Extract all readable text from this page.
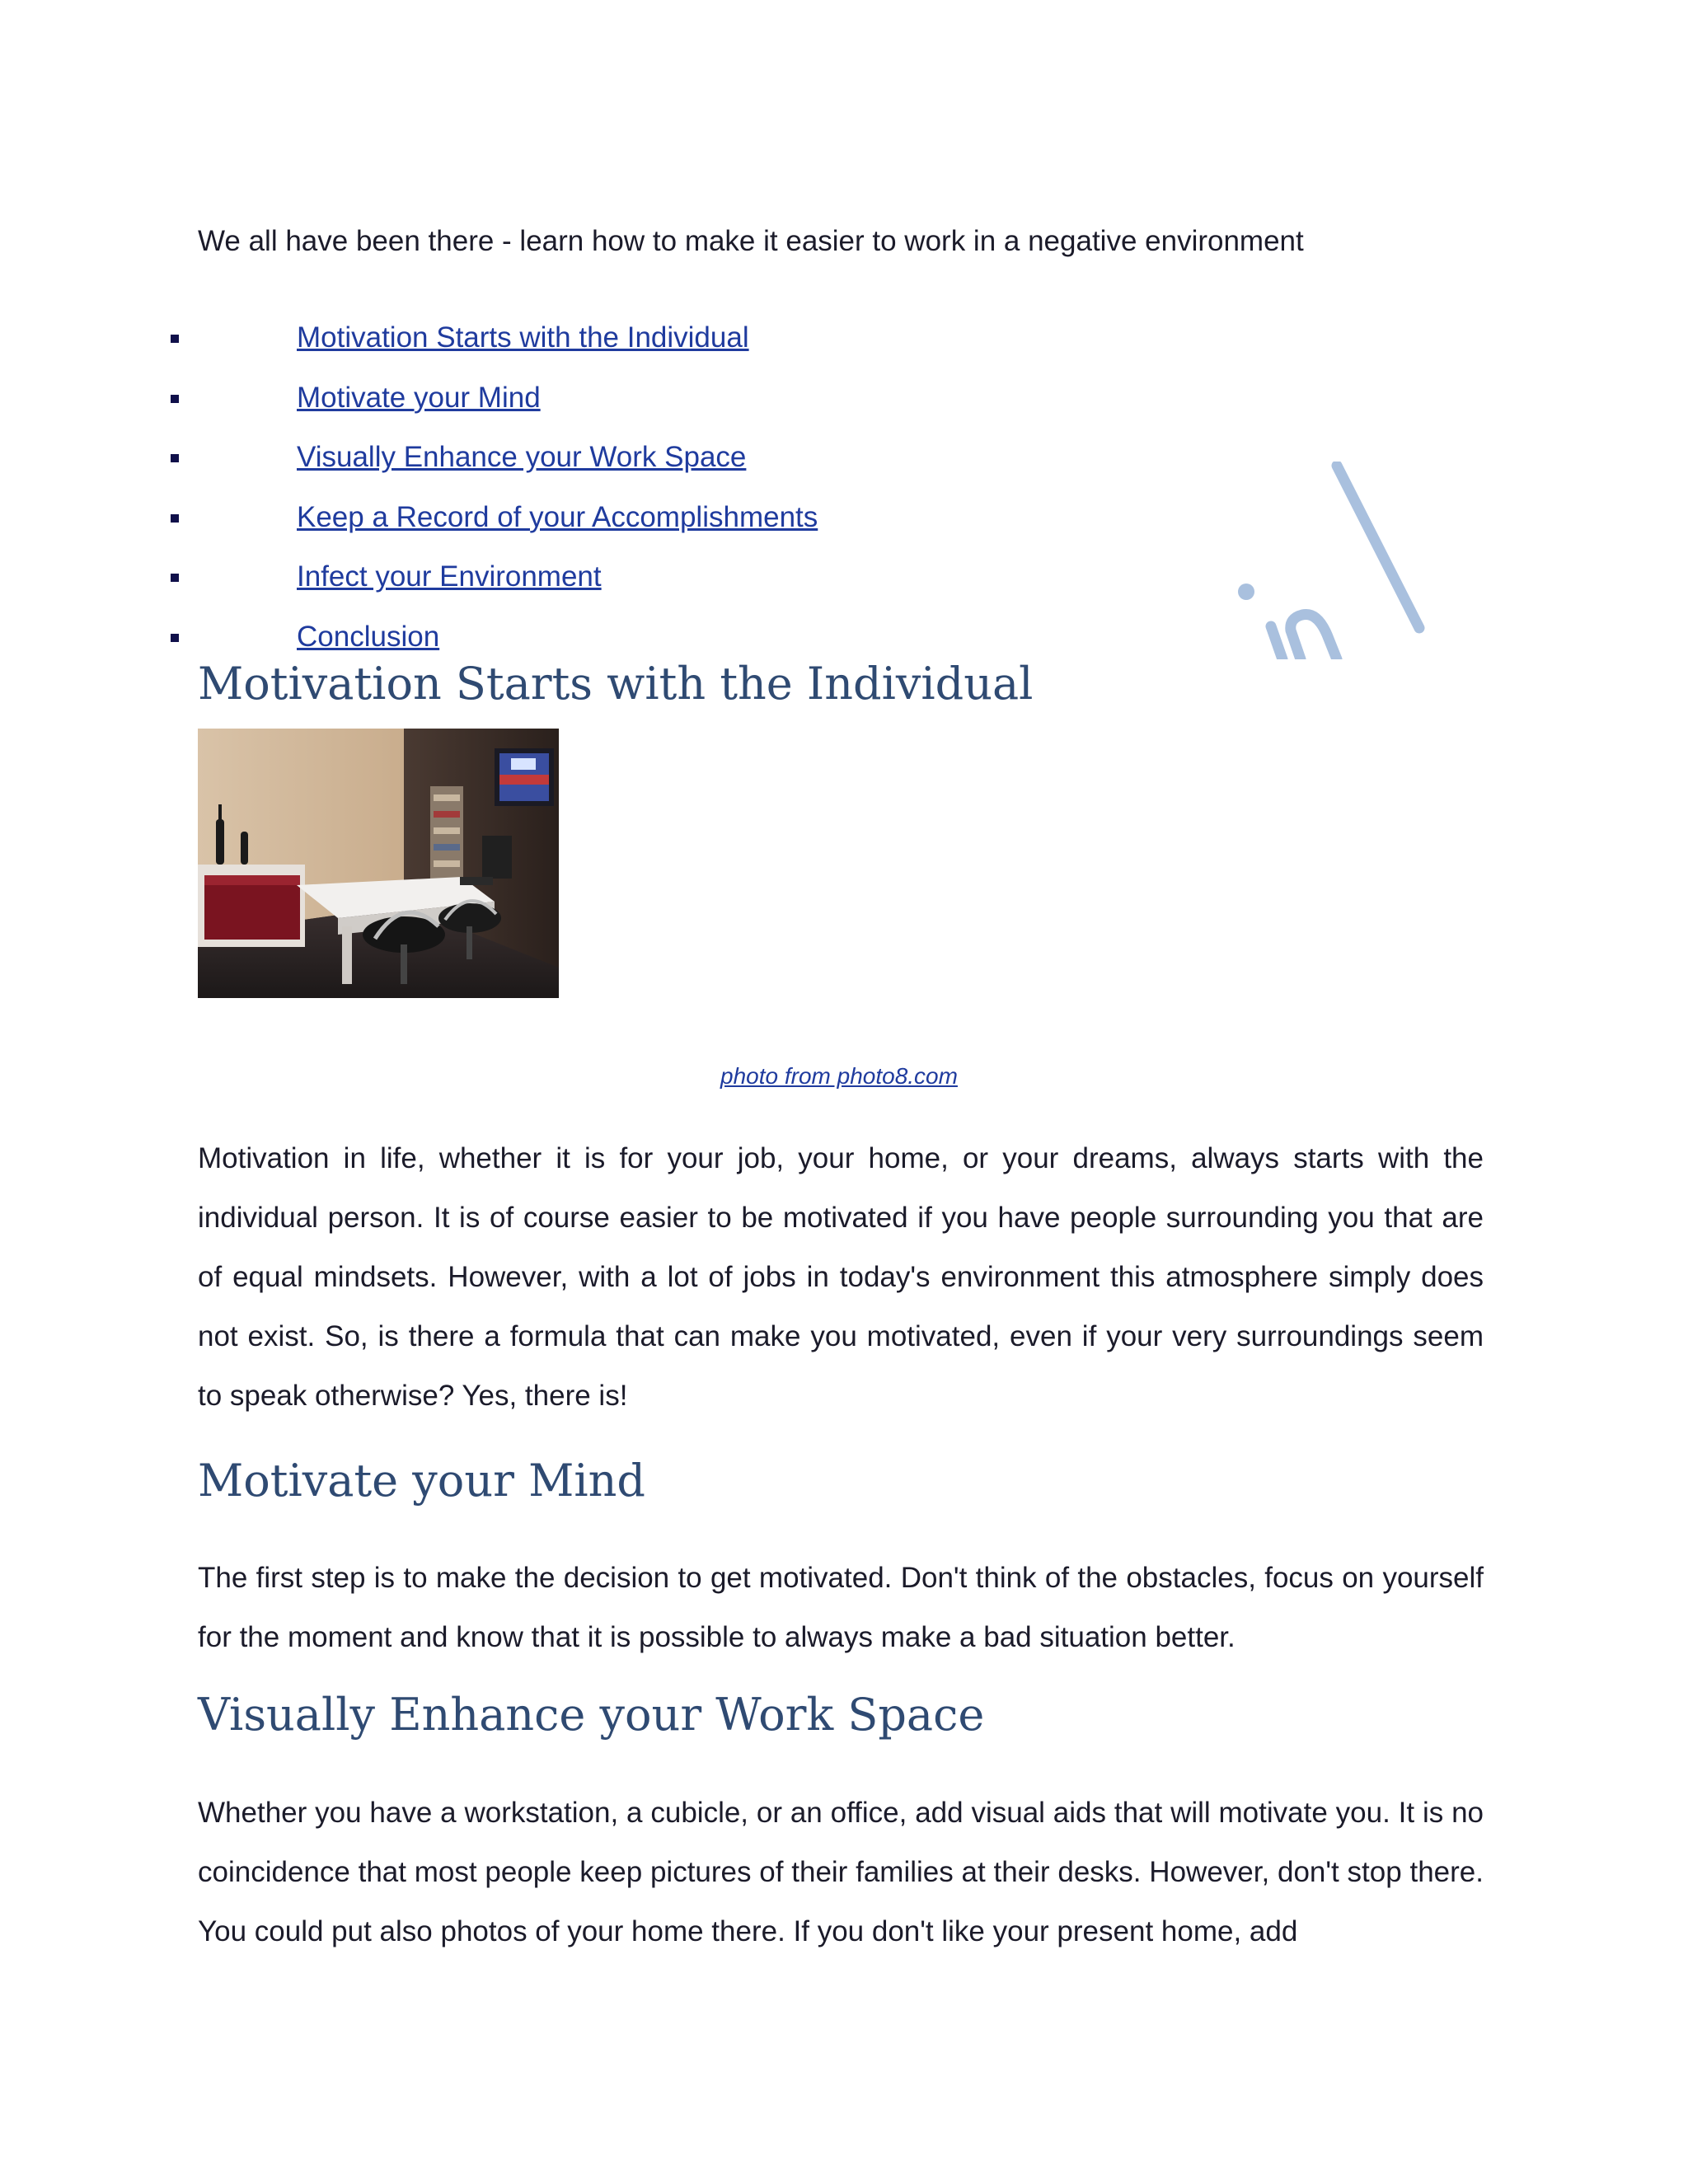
We all have been there - learn how to make it easier to work in a negative environment

Motivation Starts with the Individual
Motivate your Mind
Visually Enhance your Work Space
Keep a Record of your Accomplishments
Infect your Environment
Conclusion
Motivation Starts with the Individual
photo from photo8.com

Motivation in life, whether it is for your job, your home, or your dreams, always starts with the individual person. It is of course easier to be motivated if you have people surrounding you that are of equal mindsets. However, with a lot of jobs in today's environment this atmosphere simply does not exist. So, is there a formula that can make you motivated, even if your very surroundings seem to speak otherwise? Yes, there is!

Motivate your Mind

The first step is to make the decision to get motivated. Don't think of the obstacles, focus on yourself for the moment and know that it is possible to always make a bad situation better.

Visually Enhance your Work Space

Whether you have a workstation, a cubicle, or an office, add visual aids that will motivate you. It is no coincidence that most people keep pictures of their families at their desks. However, don't stop there. You could put also photos of your home there. If you don't like your present home, add
